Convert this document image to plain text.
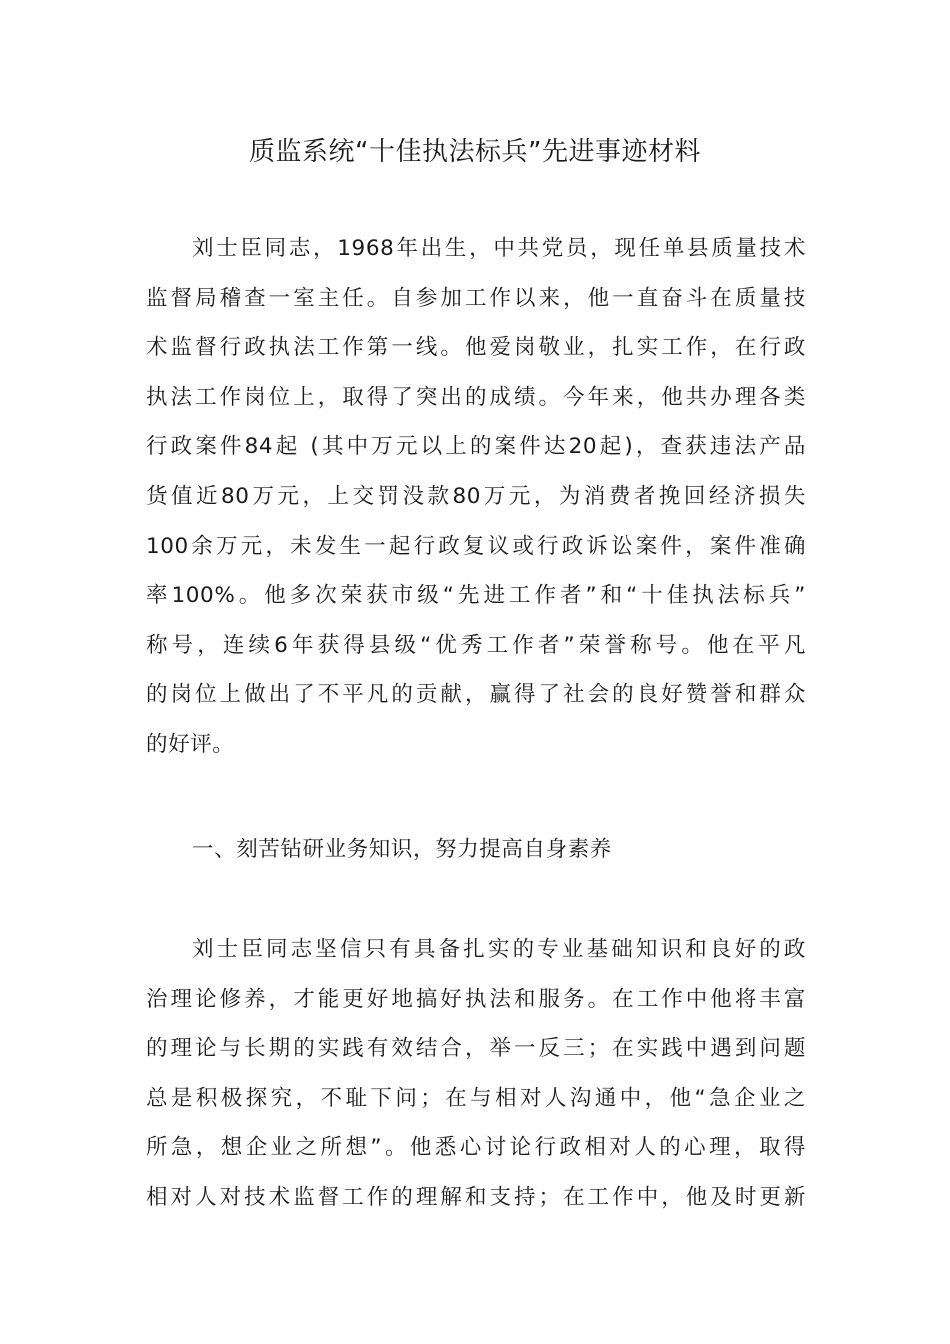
质监系统“十佳执法标兵”先进事迹材料
刘士臣同志，1968年出生，中共党员，现任单县质量技术
监督局稽查一室主任。自参加工作以来，他一直奋斗在质量技
术监督行政执法工作第一线。他爱岗敬业，扎实工作，在行政
执法工作岗位上，取得了突出的成绩。今年来，他共办理各类
行政案件84起 (其中万元以上的案件达20起)，查获违法产品
货值近80万元，上交罚没款80万元，为消费者挽回经济损失
100余万元，未发生一起行政复议或行政诉讼案件，案件准确
率100%。他多次荣获市级“先进工作者”和“十佳执法标兵”
称号，连续6年获得县级“优秀工作者”荣誉称号。他在平凡
的岗位上做出了不平凡的贡献，赢得了社会的良好赞誉和群众
的好评。
一、刻苦钻研业务知识，努力提高自身素养
刘士臣同志坚信只有具备扎实的专业基础知识和良好的政
治理论修养，才能更好地搞好执法和服务。在工作中他将丰富
的理论与长期的实践有效结合，举一反三；在实践中遇到问题
总是积极探究，不耻下问；在与相对人沟通中，他“急企业之
所急，想企业之所想”。他悉心讨论行政相对人的心理，取得
相对人对技术监督工作的理解和支持；在工作中，他及时更新
